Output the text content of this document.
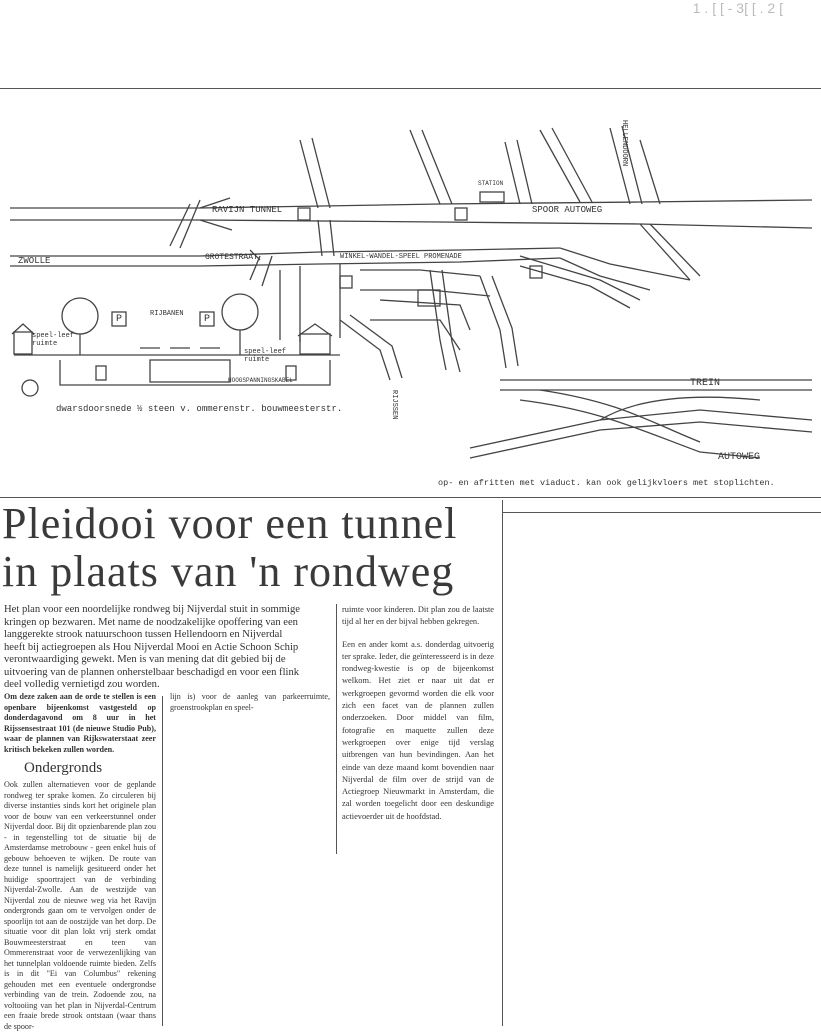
1 . [ [ - 3[ [ . 2 [
RAVIJN TUNNEL
ZWOLLE	GROTESTRAAT
SPOOR AUTOWEG
WINKEL-WANDEL-SPEEL PROMENADE
STATION
HELLENDOORN
RIJSSEN
RIJBANEN
speel-leef ruimte
speel-leef ruimte
HOOGSPANNINGSKABEL
P	P
dwarsdoorsnede ½ steen v. ommerenstr. bouwmeesterstr.
TREIN
AUTOWEG
op- en afritten met viaduct. kan ook gelijkvloers met stoplichten.
Pleidooi voor een tunnel
in plaats van 'n rondweg
Het plan voor een noordelijke rondweg bij Nijverdal stuit in sommige kringen op bezwaren. Met name de noodzakelijke opoffering van een langgerekte strook natuurschoon tussen Hellendoorn en Nijverdal heeft bij actiegroepen als Hou Nijverdal Mooi en Actie Schoon Schip verontwaardiging gewekt. Men is van mening dat dit gebied bij de uitvoering van de plannen onherstelbaar beschadigd en voor een flink deel volledig vernietigd zou worden.
Om deze zaken aan de orde te stellen is een openbare bijeenkomst vastgesteld op donderdagavond om 8 uur in het Rijssensestraat 101 (de nieuwe Studio Pub), waar de plannen van Rijkswaterstaat zeer kritisch bekeken zullen worden.
Ondergronds
Ook zullen alternatieven voor de geplande rondweg ter sprake komen. Zo circuleren bij diverse instanties sinds kort het originele plan voor de bouw van een verkeerstunnel onder Nijverdal door. Bij dit opzienbarende plan zou - in tegenstelling tot de situatie bij de Amsterdamse metrobouw - geen enkel huis of gebouw behoeven te wijken. De route van deze tunnel is namelijk gesitueerd onder het huidige spoortraject van de verbinding Nijverdal-Zwolle. Aan de westzijde van Nijverdal zou de nieuwe weg via het Ravijn ondergronds gaan om te vervolgen onder de spoorlijn tot aan de oostzijde van het dorp. De situatie voor dit plan lokt vrij sterk omdat Bouwmeesterstraat en teen van Ommerenstraat voor de verwezenlijking van het tunnelplan voldoende ruimte bieden. Zelfs is in dit "Ei van Columbus" rekening gehouden met een eventuele ondergrondse verbinding van de trein. Zodoende zou, na voltooiing van het plan in Nijverdal-Centrum een fraaie brede strook ontstaan (waar thans de spoor-
lijn is) voor de aanleg van parkeerruimte, groenstrookplan en speel-
ruimte voor kinderen. Dit plan zou de laatste tijd al her en der bijval hebben gekregen.
Een en ander komt a.s. donderdag uitvoerig ter sprake. Ieder, die geïnteresseerd is in deze rondweg-kwestie is op de bijeenkomst welkom. Het ziet er naar uit dat er werkgroepen gevormd worden die elk voor zich een facet van de plannen zullen onderzoeken. Door middel van film, fotografie en maquette zullen deze werkgroepen over enige tijd verslag uitbrengen van hun bevindingen. Aan het einde van deze maand komt bovendien naar Nijverdal de film over de strijd van de Actiegroep Nieuwmarkt in Amsterdam, die zal worden toegelicht door een deskundige actievoerder uit de hoofdstad.
